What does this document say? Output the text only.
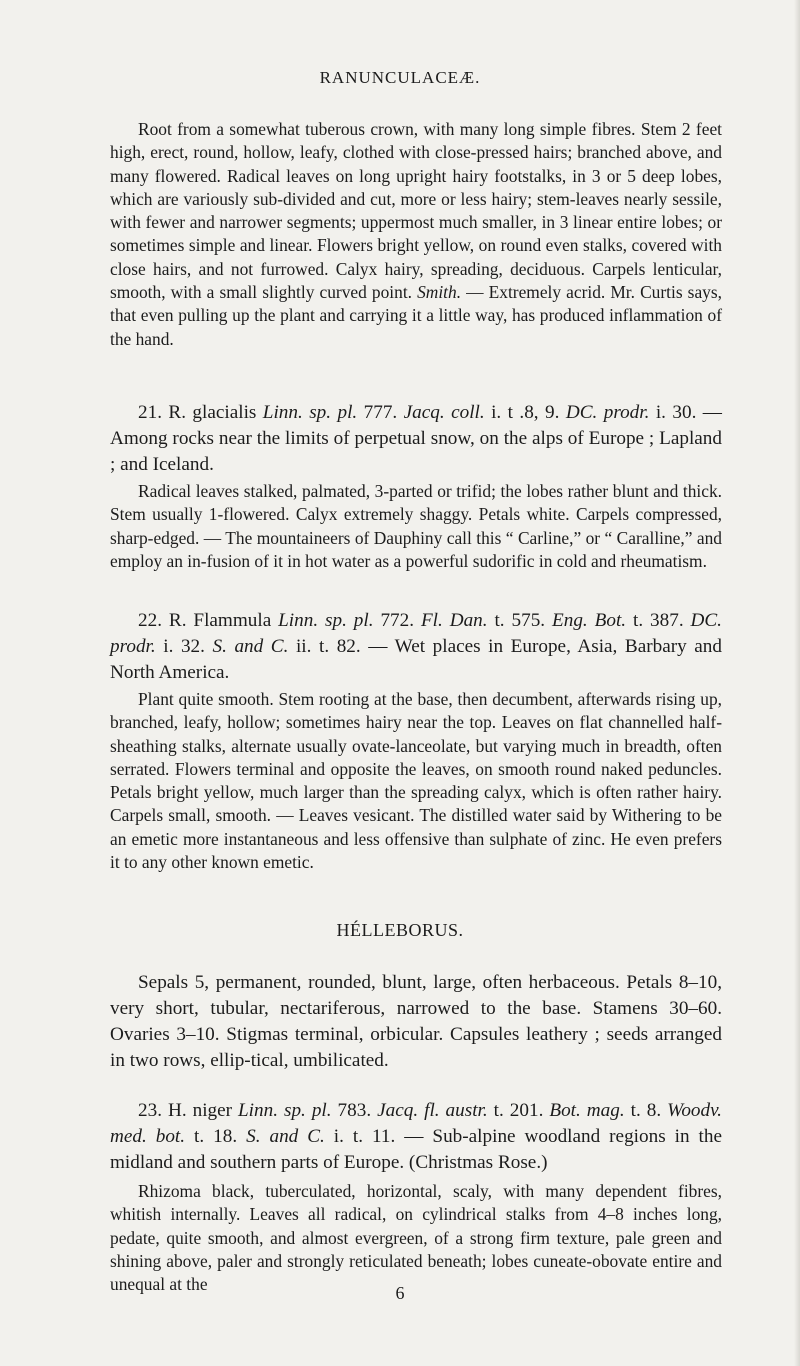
RANUNCULACEÆ.

Root from a somewhat tuberous crown, with many long simple fibres. Stem 2 feet high, erect, round, hollow, leafy, clothed with close-pressed hairs; branched above, and many flowered. Radical leaves on long upright hairy footstalks, in 3 or 5 deep lobes, which are variously sub-divided and cut, more or less hairy; stem-leaves nearly sessile, with fewer and narrower segments; uppermost much smaller, in 3 linear entire lobes; or sometimes simple and linear. Flowers bright yellow, on round even stalks, covered with close hairs, and not furrowed. Calyx hairy, spreading, deciduous. Carpels lenticular, smooth, with a small slightly curved point. Smith. — Extremely acrid. Mr. Curtis says, that even pulling up the plant and carrying it a little way, has produced inflammation of the hand.

21. R. glacialis Linn. sp. pl. 777. Jacq. coll. i. t .8, 9. DC. prodr. i. 30. — Among rocks near the limits of perpetual snow, on the alps of Europe ; Lapland ; and Iceland.

Radical leaves stalked, palmated, 3-parted or trifid; the lobes rather blunt and thick. Stem usually 1-flowered. Calyx extremely shaggy. Petals white. Carpels compressed, sharp-edged. — The mountaineers of Dauphiny call this “ Carline,” or “ Caralline,” and employ an in-fusion of it in hot water as a powerful sudorific in cold and rheumatism.

22. R. Flammula Linn. sp. pl. 772. Fl. Dan. t. 575. Eng. Bot. t. 387. DC. prodr. i. 32. S. and C. ii. t. 82. — Wet places in Europe, Asia, Barbary and North America.

Plant quite smooth. Stem rooting at the base, then decumbent, afterwards rising up, branched, leafy, hollow; sometimes hairy near the top. Leaves on flat channelled half-sheathing stalks, alternate usually ovate-lanceolate, but varying much in breadth, often serrated. Flowers terminal and opposite the leaves, on smooth round naked peduncles. Petals bright yellow, much larger than the spreading calyx, which is often rather hairy. Carpels small, smooth. — Leaves vesicant. The distilled water said by Withering to be an emetic more instantaneous and less offensive than sulphate of zinc. He even prefers it to any other known emetic.

HÉLLEBORUS.

Sepals 5, permanent, rounded, blunt, large, often herbaceous. Petals 8–10, very short, tubular, nectariferous, narrowed to the base. Stamens 30–60. Ovaries 3–10. Stigmas terminal, orbicular. Capsules leathery ; seeds arranged in two rows, ellip-tical, umbilicated.

23. H. niger Linn. sp. pl. 783. Jacq. fl. austr. t. 201. Bot. mag. t. 8. Woodv. med. bot. t. 18. S. and C. i. t. 11. — Sub-alpine woodland regions in the midland and southern parts of Europe. (Christmas Rose.)

Rhizoma black, tuberculated, horizontal, scaly, with many dependent fibres, whitish internally. Leaves all radical, on cylindrical stalks from 4–8 inches long, pedate, quite smooth, and almost evergreen, of a strong firm texture, pale green and shining above, paler and strongly reticulated beneath; lobes cuneate-obovate entire and unequal at the	6
